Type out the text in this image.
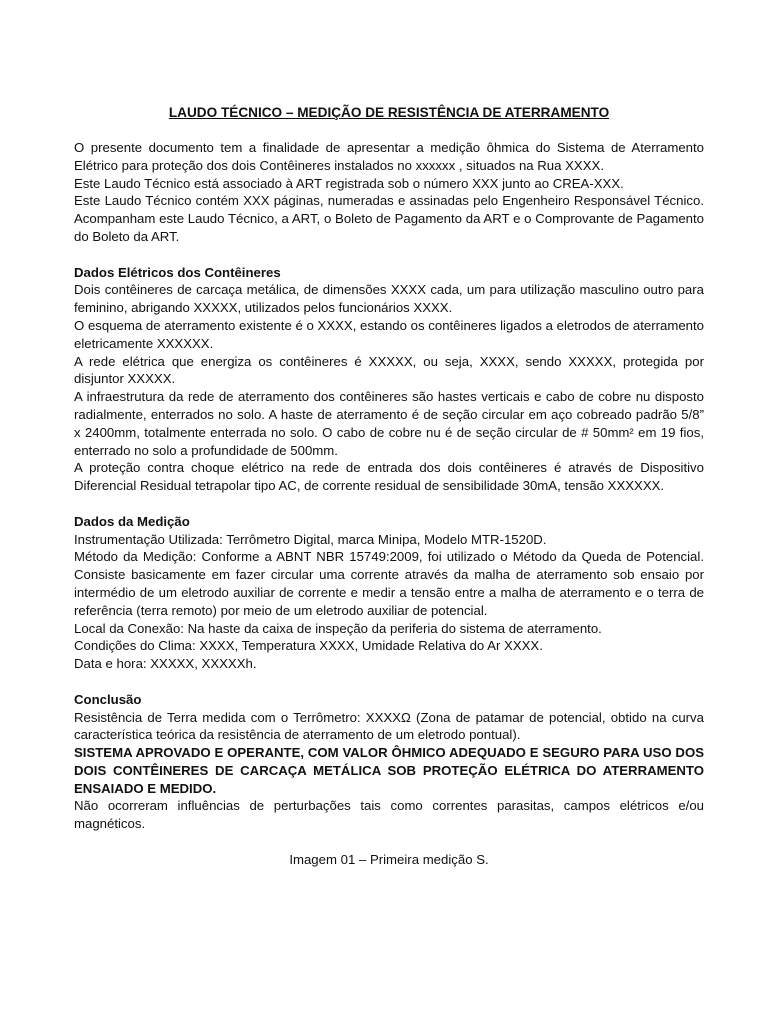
LAUDO TÉCNICO – MEDIÇÃO DE RESISTÊNCIA DE ATERRAMENTO

O presente documento tem a finalidade de apresentar a medição ôhmica do Sistema de Aterramento Elétrico para proteção dos dois Contêineres instalados no xxxxxx , situados na Rua XXXX.

Este Laudo Técnico está associado à ART registrada sob o número XXX junto ao CREA-XXX.

Este Laudo Técnico contém XXX páginas, numeradas e assinadas pelo Engenheiro Responsável Técnico. Acompanham este Laudo Técnico, a ART, o Boleto de Pagamento da ART e o Comprovante de Pagamento do Boleto da ART.

Dados Elétricos dos Contêineres

Dois contêineres de carcaça metálica, de dimensões XXXX cada, um para utilização masculino outro para feminino, abrigando XXXXX, utilizados pelos funcionários XXXX.

O esquema de aterramento existente é o XXXX, estando os contêineres ligados a eletrodos de aterramento eletricamente XXXXXX.

A rede elétrica que energiza os contêineres é XXXXX, ou seja, XXXX, sendo XXXXX, protegida por disjuntor XXXXX.

A infraestrutura da rede de aterramento dos contêineres são hastes verticais e cabo de cobre nu disposto radialmente, enterrados no solo. A haste de aterramento é de seção circular em aço cobreado padrão 5/8” x 2400mm, totalmente enterrada no solo. O cabo de cobre nu é de seção circular de # 50mm² em 19 fios, enterrado no solo a profundidade de 500mm.

A proteção contra choque elétrico na rede de entrada dos dois contêineres é através de Dispositivo Diferencial Residual tetrapolar tipo AC, de corrente residual de sensibilidade 30mA, tensão XXXXXX.

Dados da Medição

Instrumentação Utilizada: Terrômetro Digital, marca Minipa, Modelo MTR-1520D.

Método da Medição: Conforme a ABNT NBR 15749:2009, foi utilizado o Método da Queda de Potencial. Consiste basicamente em fazer circular uma corrente através da malha de aterramento sob ensaio por intermédio de um eletrodo auxiliar de corrente e medir a tensão entre a malha de aterramento e o terra de referência (terra remoto) por meio de um eletrodo auxiliar de potencial.

Local da Conexão: Na haste da caixa de inspeção da periferia do sistema de aterramento.

Condições do Clima: XXXX, Temperatura XXXX, Umidade Relativa do Ar XXXX.

Data e hora: XXXXX, XXXXXh.

Conclusão

Resistência de Terra medida com o Terrômetro: XXXXΩ (Zona de patamar de potencial, obtido na curva característica teórica da resistência de aterramento de um eletrodo pontual).

SISTEMA APROVADO E OPERANTE, COM VALOR ÔHMICO ADEQUADO E SEGURO PARA USO DOS DOIS CONTÊINERES DE CARCAÇA METÁLICA SOB PROTEÇÃO ELÉTRICA DO ATERRAMENTO ENSAIADO E MEDIDO.

Não ocorreram influências de perturbações tais como correntes parasitas, campos elétricos e/ou magnéticos.

Imagem 01 – Primeira medição S.
